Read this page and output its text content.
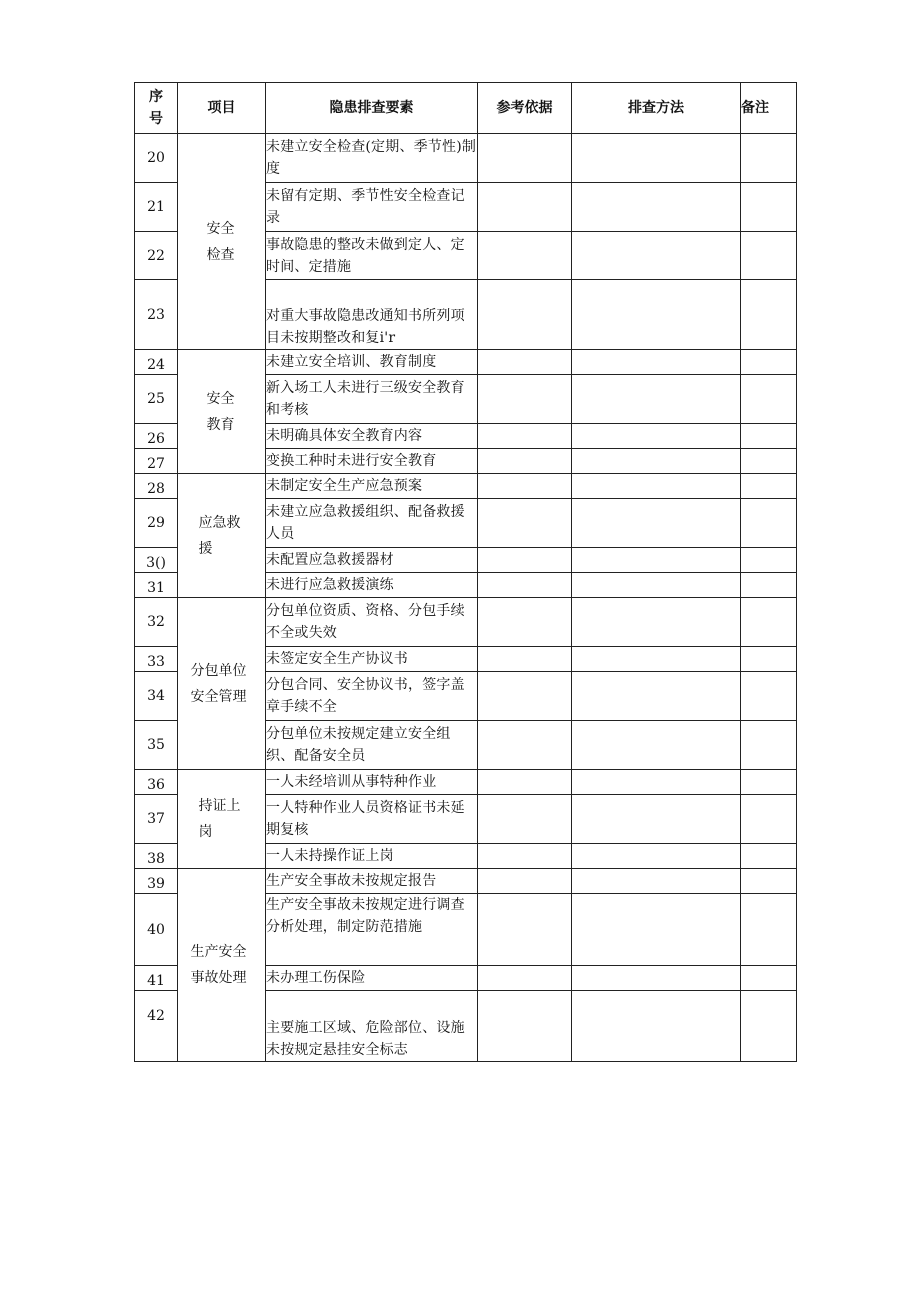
序号	项目	隐患排查要素	参考依据	排查方法	备注
20	安全检查	未建立安全检查(定期、季节性)制度			
21		未留有定期、季节性安全检查记录			
22		事故隐患的整改未做到定人、定时间、定措施			
23		对重大事故隐患改通知书所列项目未按期整改和复i'r			
24	安全教育	未建立安全培训、教育制度			
25		新入场工人未进行三级安全教育和考核			
26		未明确具体安全教育内容			
27		变换工种时未进行安全教育			
28	应急救援	未制定安全生产应急预案			
29		未建立应急救援组织、配备救援人员			
3()		未配置应急救援器材			
31		未进行应急救援演练			
32	分包单位安全管理	分包单位资质、资格、分包手续不全或失效			
33		未签定安全生产协议书			
34		分包合同、安全协议书，签字盖章手续不全			
35		分包单位未按规定建立安全组织、配备安全员			
36	持证上岗	一人未经培训从事特种作业			
37		一人特种作业人员资格证书未延期复核			
38		一人未持操作证上岗			
39	生产安全事故处理	生产安全事故未按规定报告			
40		生产安全事故未按规定进行调查分析处理，制定防范措施			
41		未办理工伤保险			
42		主要施工区域、危险部位、设施未按规定悬挂安全标志			
